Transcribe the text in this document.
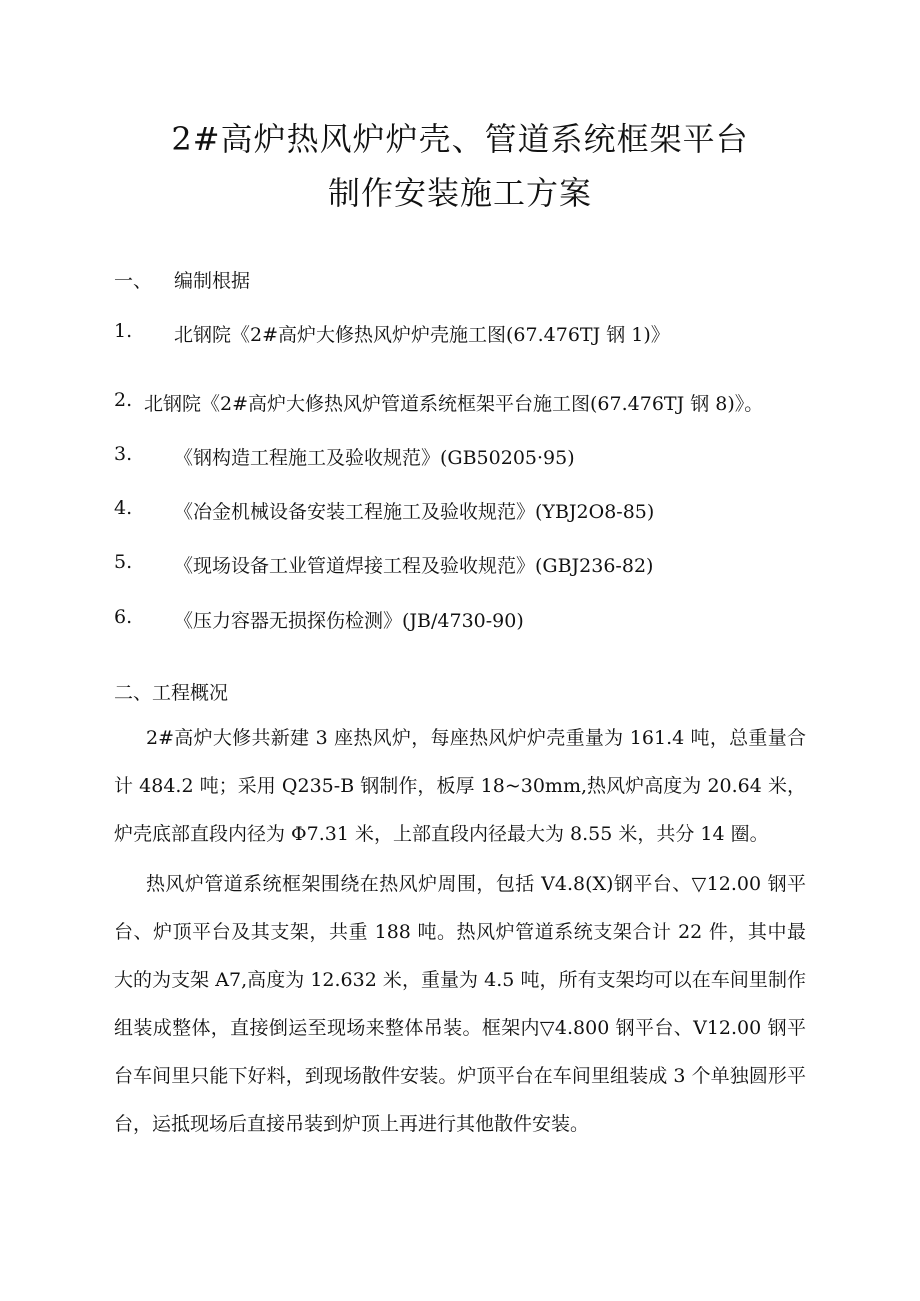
2#高炉热风炉炉壳、管道系统框架平台
制作安装施工方案
一、 编制根据
1. 北钢院《2#高炉大修热风炉炉壳施工图(67.476TJ 钢 1)》
2. 北钢院《2#高炉大修热风炉管道系统框架平台施工图(67.476TJ 钢 8)》。
3. 《钢构造工程施工及验收规范》(GB50205·95)
4. 《冶金机械设备安装工程施工及验收规范》(YBJ2O8-85)
5. 《现场设备工业管道焊接工程及验收规范》(GBJ236-82)
6. 《压力容器无损探伤检测》(JB/4730-90)
二、工程概况

2#高炉大修共新建 3 座热风炉，每座热风炉炉壳重量为 161.4 吨，总重量合计 484.2 吨；采用 Q235-B 钢制作，板厚 18~30mm,热风炉高度为 20.64 米，炉壳底部直段内径为 Φ7.31 米，上部直段内径最大为 8.55 米，共分 14 圈。

热风炉管道系统框架围绕在热风炉周围，包括 V4.8(X)钢平台、▽12.00 钢平台、炉顶平台及其支架，共重 188 吨。热风炉管道系统支架合计 22 件，其中最大的为支架 A7,高度为 12.632 米，重量为 4.5 吨，所有支架均可以在车间里制作组装成整体，直接倒运至现场来整体吊装。框架内▽4.800 钢平台、V12.00 钢平台车间里只能下好料，到现场散件安装。炉顶平台在车间里组装成 3 个单独圆形平台，运抵现场后直接吊装到炉顶上再进行其他散件安装。
